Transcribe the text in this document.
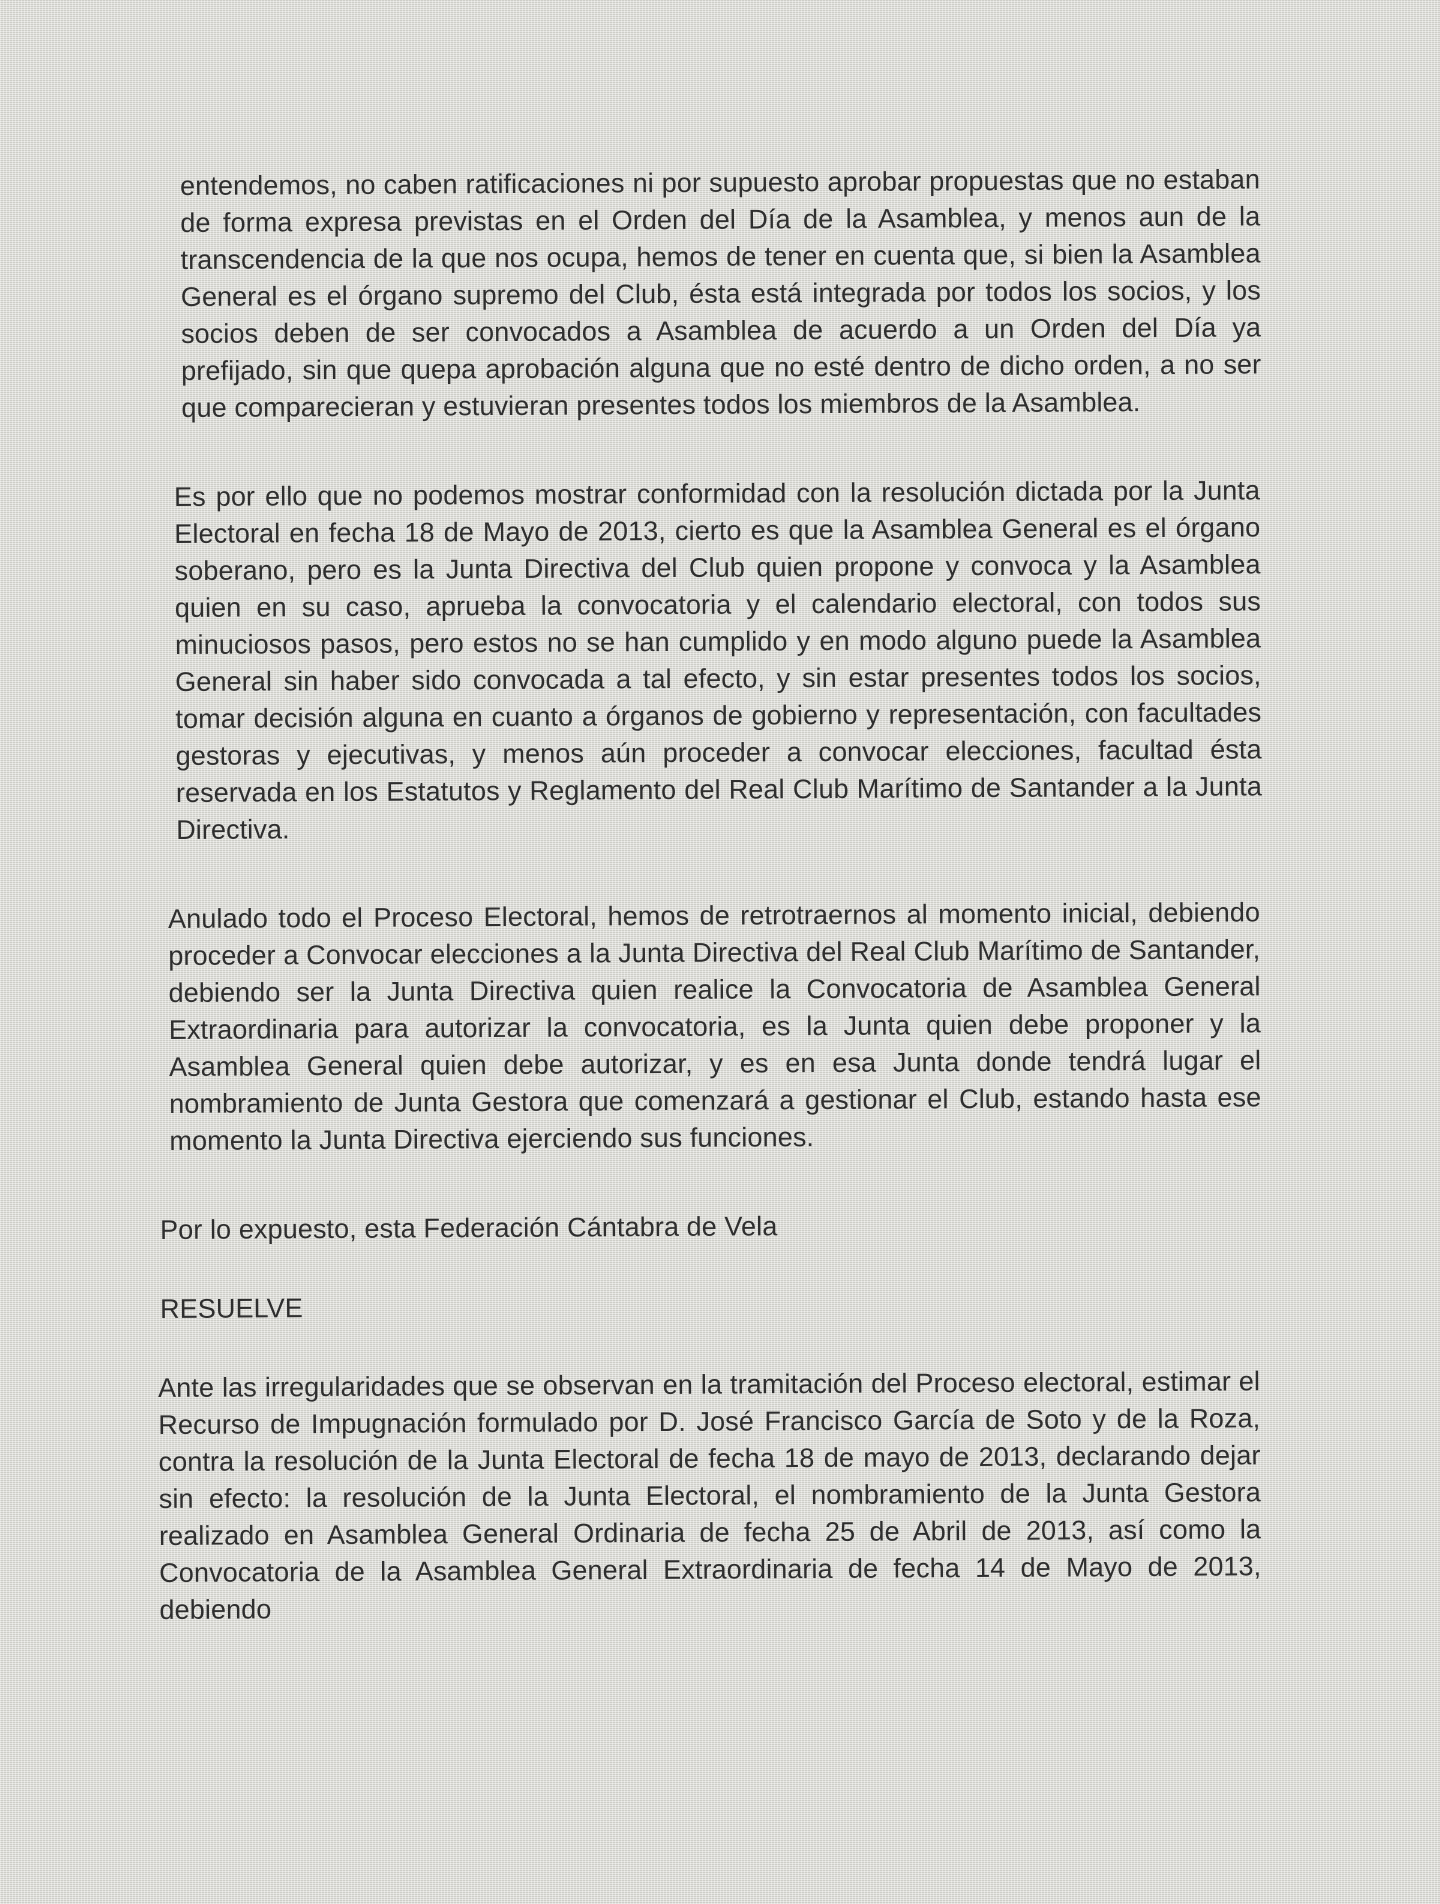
entendemos, no caben ratificaciones ni por supuesto aprobar propuestas que no estaban de forma expresa previstas en el Orden del Día de la Asamblea, y menos aun de la transcendencia de la que nos ocupa, hemos de tener en cuenta que, si bien la Asamblea General es el órgano supremo del Club, ésta está integrada por todos los socios, y los socios deben de ser convocados a Asamblea de acuerdo a un Orden del Día ya prefijado, sin que quepa aprobación alguna que no esté dentro de dicho orden, a no ser que comparecieran y estuvieran presentes todos los miembros de la Asamblea.

Es por ello que no podemos mostrar conformidad con la resolución dictada por la Junta Electoral en fecha 18 de Mayo de 2013, cierto es que la Asamblea General es el órgano soberano, pero es la Junta Directiva del Club quien propone y convoca y la Asamblea quien en su caso, aprueba la convocatoria y el calendario electoral, con todos sus minuciosos pasos, pero estos no se han cumplido y en modo alguno puede la Asamblea General sin haber sido convocada a tal efecto, y sin estar presentes todos los socios, tomar decisión alguna en cuanto a órganos de gobierno y representación, con facultades gestoras y ejecutivas, y menos aún proceder a convocar elecciones, facultad ésta reservada en los Estatutos y Reglamento del Real Club Marítimo de Santander a la Junta Directiva.

Anulado todo el Proceso Electoral, hemos de retrotraernos al momento inicial, debiendo proceder a Convocar elecciones a la Junta Directiva del Real Club Marítimo de Santander, debiendo ser la Junta Directiva quien realice la Convocatoria de Asamblea General Extraordinaria para autorizar la convocatoria, es la Junta quien debe proponer y la Asamblea General quien debe autorizar, y es en esa Junta donde tendrá lugar el nombramiento de Junta Gestora que comenzará a gestionar el Club, estando hasta ese momento la Junta Directiva ejerciendo sus funciones.

Por lo expuesto, esta Federación Cántabra de Vela

RESUELVE

Ante las irregularidades que se observan en la tramitación del Proceso electoral, estimar el Recurso de Impugnación formulado por D. José Francisco García de Soto y de la Roza, contra la resolución de la Junta Electoral de fecha 18 de mayo de 2013, declarando dejar sin efecto: la resolución de la Junta Electoral, el nombramiento de la Junta Gestora realizado en Asamblea General Ordinaria de fecha 25 de Abril de 2013, así como la Convocatoria de la Asamblea General Extraordinaria de fecha 14 de Mayo de 2013, debiendo
